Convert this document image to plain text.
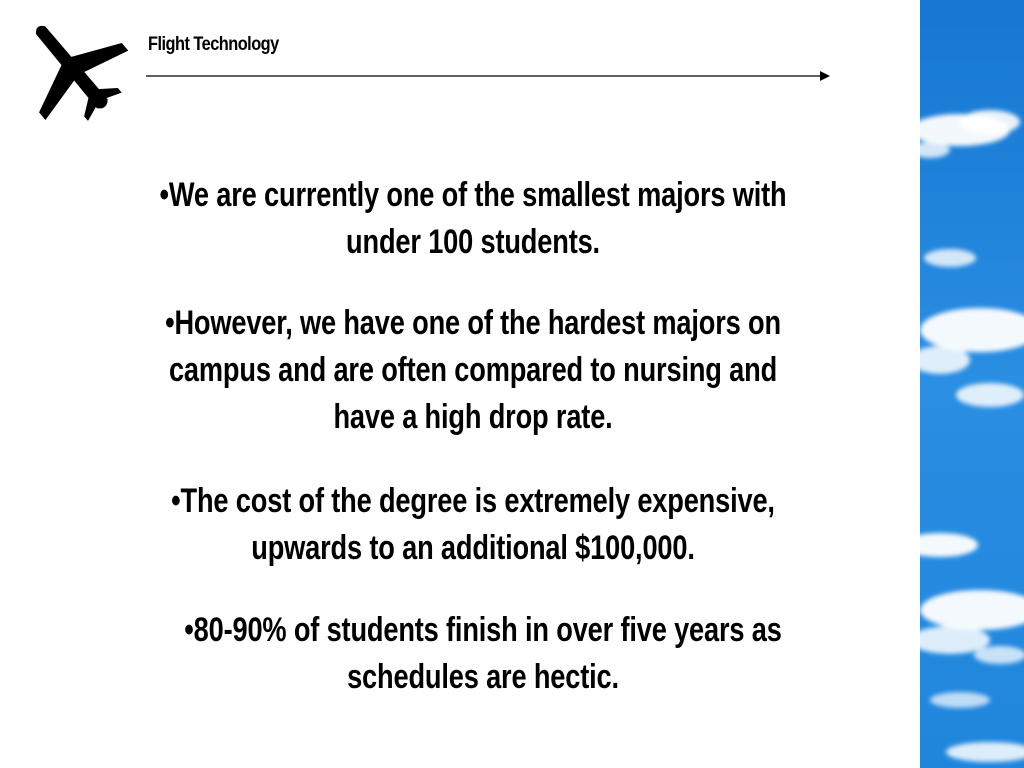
Flight Technology
•We are currently one of the smallest majors with under 100 students.
•However, we have one of the hardest majors on campus and are often compared to nursing and have a high drop rate.
•The cost of the degree is extremely expensive, upwards to an additional $100,000.
•80-90% of students finish in over five years as schedules are hectic.
